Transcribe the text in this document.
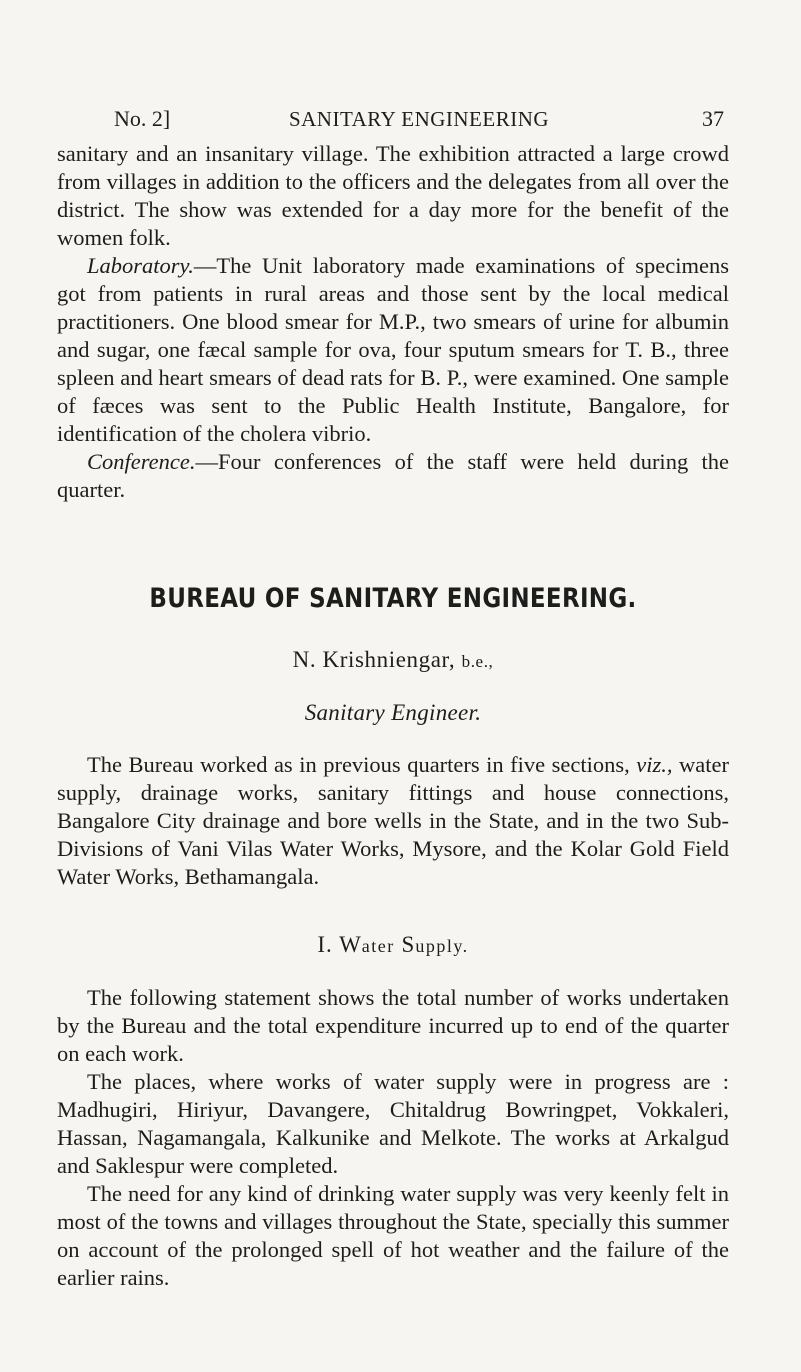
No. 2]	SANITARY ENGINEERING	37

sanitary and an insanitary village. The exhibition attracted a large crowd from villages in addition to the officers and the delegates from all over the district. The show was extended for a day more for the benefit of the women folk.

Laboratory.—The Unit laboratory made examinations of specimens got from patients in rural areas and those sent by the local medical practitioners. One blood smear for M.P., two smears of urine for albumin and sugar, one fæcal sample for ova, four sputum smears for T. B., three spleen and heart smears of dead rats for B. P., were examined. One sample of fæces was sent to the Public Health Institute, Bangalore, for identification of the cholera vibrio.

Conference.—Four conferences of the staff were held during the quarter.

BUREAU OF SANITARY ENGINEERING.
N. Krishniengar, b.e.,
Sanitary Engineer.

The Bureau worked as in previous quarters in five sections, viz., water supply, drainage works, sanitary fittings and house connections, Bangalore City drainage and bore wells in the State, and in the two Sub-Divisions of Vani Vilas Water Works, Mysore, and the Kolar Gold Field Water Works, Bethamangala.

I. Water Supply.

The following statement shows the total number of works undertaken by the Bureau and the total expenditure incurred up to end of the quarter on each work.

The places, where works of water supply were in progress are : Madhugiri, Hiriyur, Davangere, Chitaldrug Bowringpet, Vokkaleri, Hassan, Nagamangala, Kalkunike and Melkote. The works at Arkalgud and Saklespur were completed.

The need for any kind of drinking water supply was very keenly felt in most of the towns and villages throughout the State, specially this summer on account of the prolonged spell of hot weather and the failure of the earlier rains.
